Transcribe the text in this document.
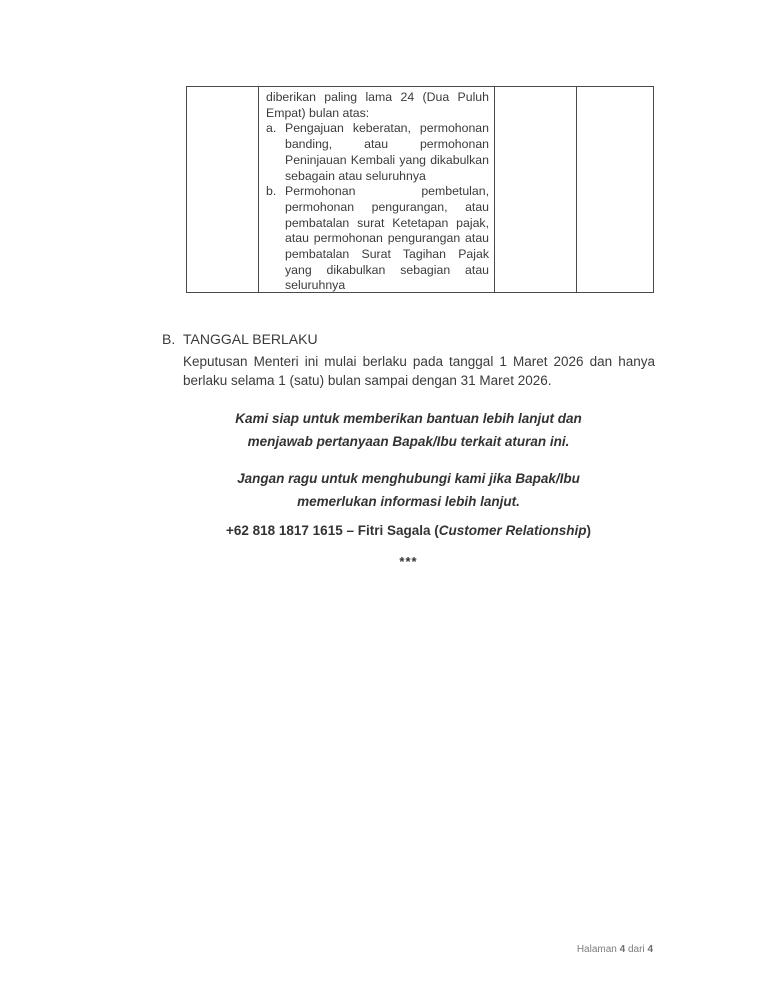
diberikan paling lama 24 (Dua Puluh
Empat) bulan atas:
a. Pengajuan keberatan, permohonan
banding, atau permohonan
Peninjauan Kembali yang dikabulkan
sebagain atau seluruhnya
b. Permohonan pembetulan,
permohonan pengurangan, atau
pembatalan surat Ketetapan pajak,
atau permohonan pengurangan atau
pembatalan Surat Tagihan Pajak
yang dikabulkan sebagian atau
seluruhnya
B. TANGGAL BERLAKU
Keputusan Menteri ini mulai berlaku pada tanggal 1 Maret 2026 dan hanya
berlaku selama 1 (satu) bulan sampai dengan 31 Maret 2026.
Kami siap untuk memberikan bantuan lebih lanjut dan
menjawab pertanyaan Bapak/Ibu terkait aturan ini.
Jangan ragu untuk menghubungi kami jika Bapak/Ibu
memerlukan informasi lebih lanjut.
+62 818 1817 1615 – Fitri Sagala (Customer Relationship)
***
Halaman 4 dari 4
